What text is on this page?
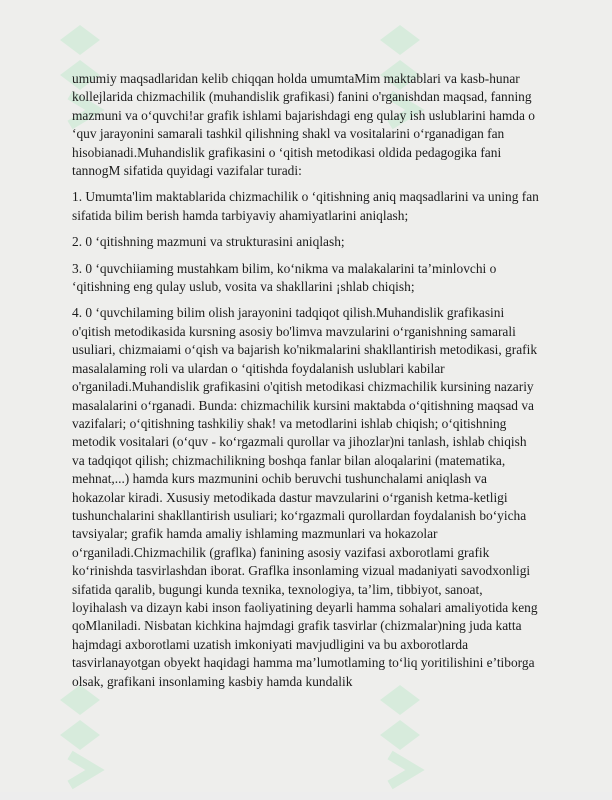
umumiy maqsadlaridan kelib chiqqan holda umumtaMim maktablari va kasb-hunar kollejlarida chizmachilik (muhandislik grafikasi) fanini o'rganishdan maqsad, fanning mazmuni va o‘quvchi!ar grafik ishlami bajarishdagi eng qulay ish uslublarini hamda o ‘quv jarayonini samarali tashkil qilishning shakl va vositalarini o‘rganadigan fan hisobianadi.Muhandislik grafikasini o ‘qitish metodikasi oldida pedagogika fani tannogM sifatida quyidagi vazifalar turadi:

1. Umumta'lim maktablarida chizmachilik o ‘qitishning aniq maqsadlarini va uning fan sifatida bilim berish hamda tarbiyaviy ahamiyatlarini aniqlash;

2. 0 ‘qitishning mazmuni va strukturasini aniqlash;

3. 0 ‘quvchiiaming mustahkam bilim, ko‘nikma va malakalarini ta’minlovchi o ‘qitishning eng qulay uslub, vosita va shakllarini ¡shlab chiqish;

4. 0 ‘quvchilaming bilim olish jarayonini tadqiqot qilish.Muhandislik grafikasini o'qitish metodikasida kursning asosiy bo'limva mavzularini o‘rganishning samarali usuliari, chizmaiami o‘qish va bajarish ko'nikmalarini shakllantirish metodikasi, grafik masalalaming roli va ulardan o ‘qitishda foydalanish uslublari kabilar o'rganiladi.Muhandislik grafikasini o'qitish metodikasi chizmachilik kursining nazariy masalalarini o‘rganadi. Bunda: chizmachilik kursini maktabda o‘qitishning maqsad va vazifalari; o‘qitishning tashkiliy shak! va metodlarini ishlab chiqish; o‘qitishning metodik vositalari (o‘quv - ko‘rgazmali qurollar va jihozlar)ni tanlash, ishlab chiqish va tadqiqot qilish; chizmachilikning boshqa fanlar bilan aloqalarini (matematika, mehnat,...) hamda kurs mazmunini ochib beruvchi tushunchalami aniqlash va hokazolar kiradi. Xususiy metodikada dastur mavzularini o‘rganish ketma-ketligi tushunchalarini shakllantirish usuliari; ko‘rgazmali qurollardan foydalanish bo‘yicha tavsiyalar; grafik hamda amaliy ishlaming mazmunlari va hokazolar o‘rganiladi.Chizmachilik (graflka) fanining asosiy vazifasi axborotlami grafik ko‘rinishda tasvirlashdan iborat. Graflka insonlaming vizual madaniyati savodxonligi sifatida qaralib, bugungi kunda texnika, texnologiya, ta’lim, tibbiyot, sanoat, loyihalash va dizayn kabi inson faoliyatining deyarli hamma sohalari amaliyotida keng qoMlaniladi. Nisbatan kichkina hajmdagi grafik tasvirlar (chizmalar)ning juda katta hajmdagi axborotlami uzatish imkoniyati mavjudligini va bu axborotlarda tasvirlanayotgan obyekt haqidagi hamma ma’lumotlaming to‘liq yoritilishini e’tiborga olsak, grafikani insonlaming kasbiy hamda kundalik
